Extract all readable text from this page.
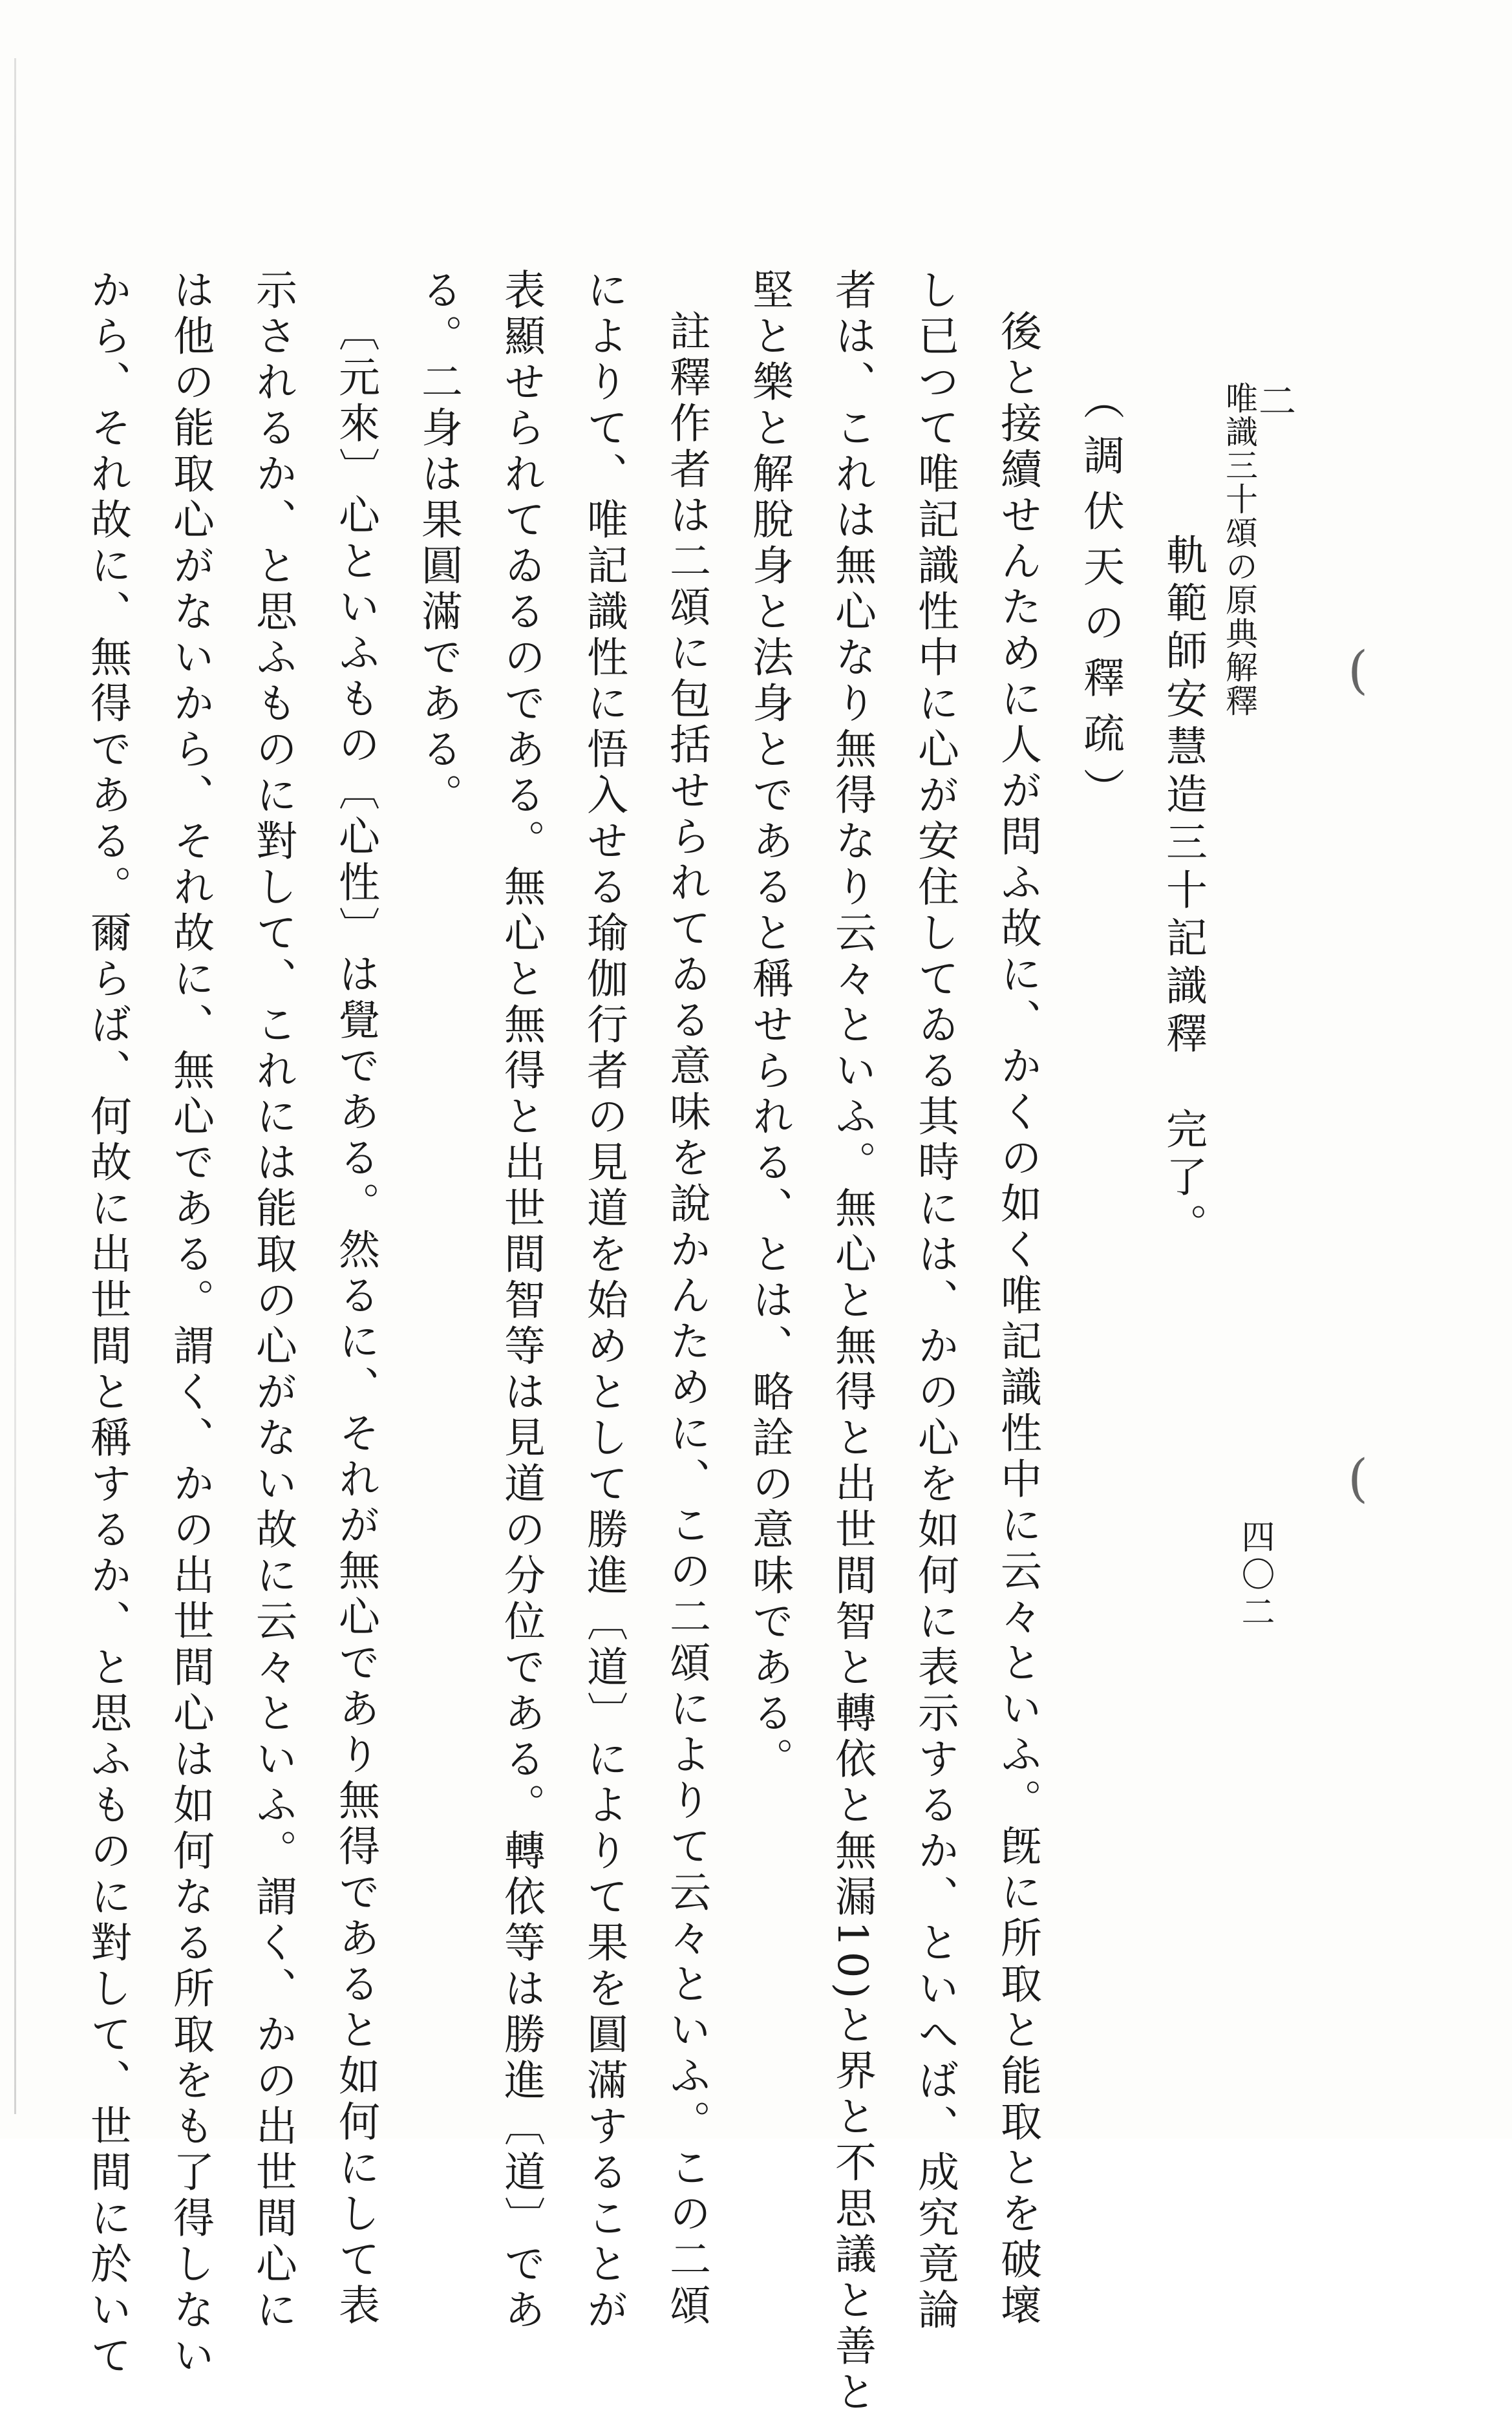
二
唯識三十頌の原典解釋
四〇二
(
(
軌範師安慧造三十記識釋　完了。
（調伏天の釋疏）
後と接續せんために人が問ふ故に、かくの如く唯記識性中に云々といふ。旣に所取と能取とを破壞
し已つて唯記識性中に心が安住してゐる其時には、かの心を如何に表示するか、といへば、成究竟論
者は、これは無心なり無得なり云々といふ。無心と無得と出世間智と轉依と無漏10)と界と不思議と善と
堅と樂と解脫身と法身とであると稱せられる、とは、略詮の意味である。
註釋作者は二頌に包括せられてゐる意味を說かんために、この二頌によりて云々といふ。この二頌
によりて、唯記識性に悟入せる瑜伽行者の見道を始めとして勝進〔道〕によりて果を圓滿することが
表顯せられてゐるのである。無心と無得と出世間智等は見道の分位である。轉依等は勝進〔道〕であ
る。二身は果圓滿である。
〔元來〕心といふもの〔心性〕は覺である。然るに、それが無心であり無得であると如何にして表
示されるか、と思ふものに對して、これには能取の心がない故に云々といふ。謂く、かの出世間心に
は他の能取心がないから、それ故に、無心である。謂く、かの出世間心は如何なる所取をも了得しない
から、それ故に、無得である。爾らば、何故に出世間と稱するか、と思ふものに對して、世間に於いて
